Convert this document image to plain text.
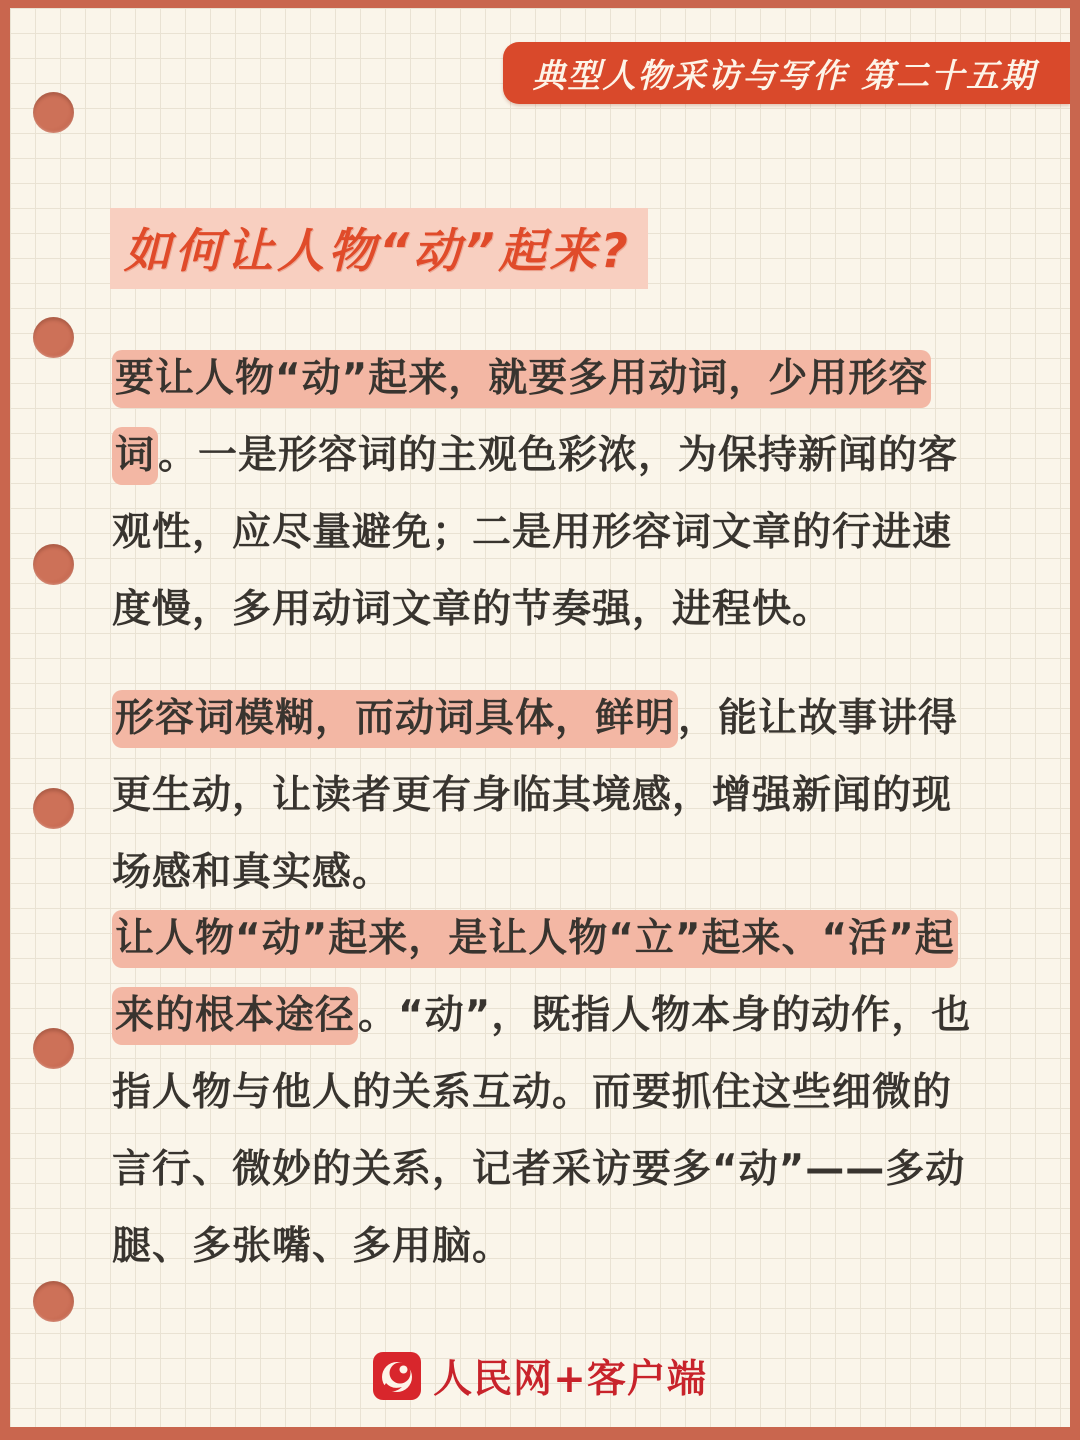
典型人物采访与写作 第二十五期
如何让人物“动”起来?

要让人物“动”起来，就要多用动词，少用形容词。一是形容词的主观色彩浓，为保持新闻的客观性，应尽量避免；二是用形容词文章的行进速度慢，多用动词文章的节奏强，进程快。

形容词模糊，而动词具体，鲜明，能让故事讲得更生动，让读者更有身临其境感，增强新闻的现场感和真实感。

让人物“动”起来，是让人物“立”起来、“活”起来的根本途径。“动”，既指人物本身的动作，也指人物与他人的关系互动。而要抓住这些细微的言行、微妙的关系，记者采访要多“动”——多动腿、多张嘴、多用脑。

人民网+客户端
